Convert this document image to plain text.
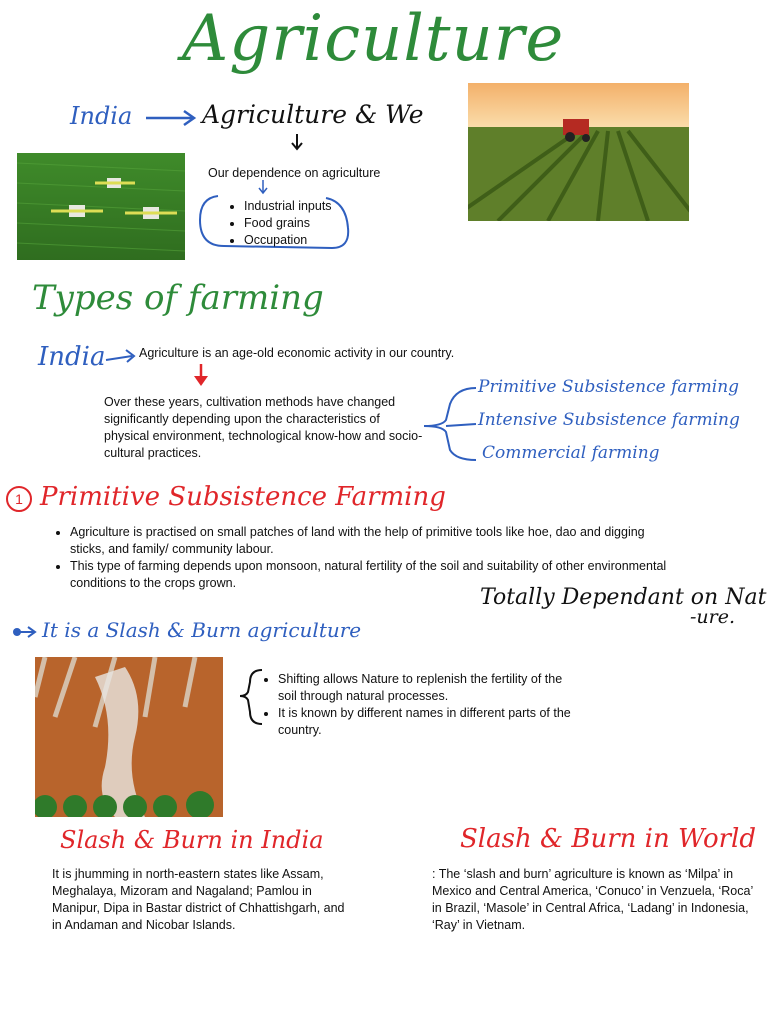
Agriculture
India	Agriculture & We
Our dependence on agriculture
• Industrial inputs
• Food grains
• Occupation
Types of farming
India	Agriculture is an age-old economic activity in our country.
Over these years, cultivation methods have changed significantly depending upon the characteristics of physical environment, technological know-how and socio-cultural practices.
Primitive Subsistence farming
Intensive Subsistence farming
Commercial farming
1 Primitive Subsistence Farming
• Agriculture is practised on small patches of land with the help of primitive tools like hoe, dao and digging sticks, and family/ community labour.
• This type of farming depends upon monsoon, natural fertility of the soil and suitability of other environmental conditions to the crops grown.
Totally Dependant on Nat
-ure.
It is a Slash & Burn agriculture
• Shifting allows Nature to replenish the fertility of the soil through natural processes.
• It is known by different names in different parts of the country.
Slash & Burn in India
It is jhumming in north-eastern states like Assam, Meghalaya, Mizoram and Nagaland; Pamlou in Manipur, Dipa in Bastar district of Chhattishgarh, and in Andaman and Nicobar Islands.
Slash & Burn in World
: The ‘slash and burn’ agriculture is known as ‘Milpa’ in Mexico and Central America, ‘Conuco’ in Venzuela, ‘Roca’ in Brazil, ‘Masole’ in Central Africa, ‘Ladang’ in Indonesia, ‘Ray’ in Vietnam.
